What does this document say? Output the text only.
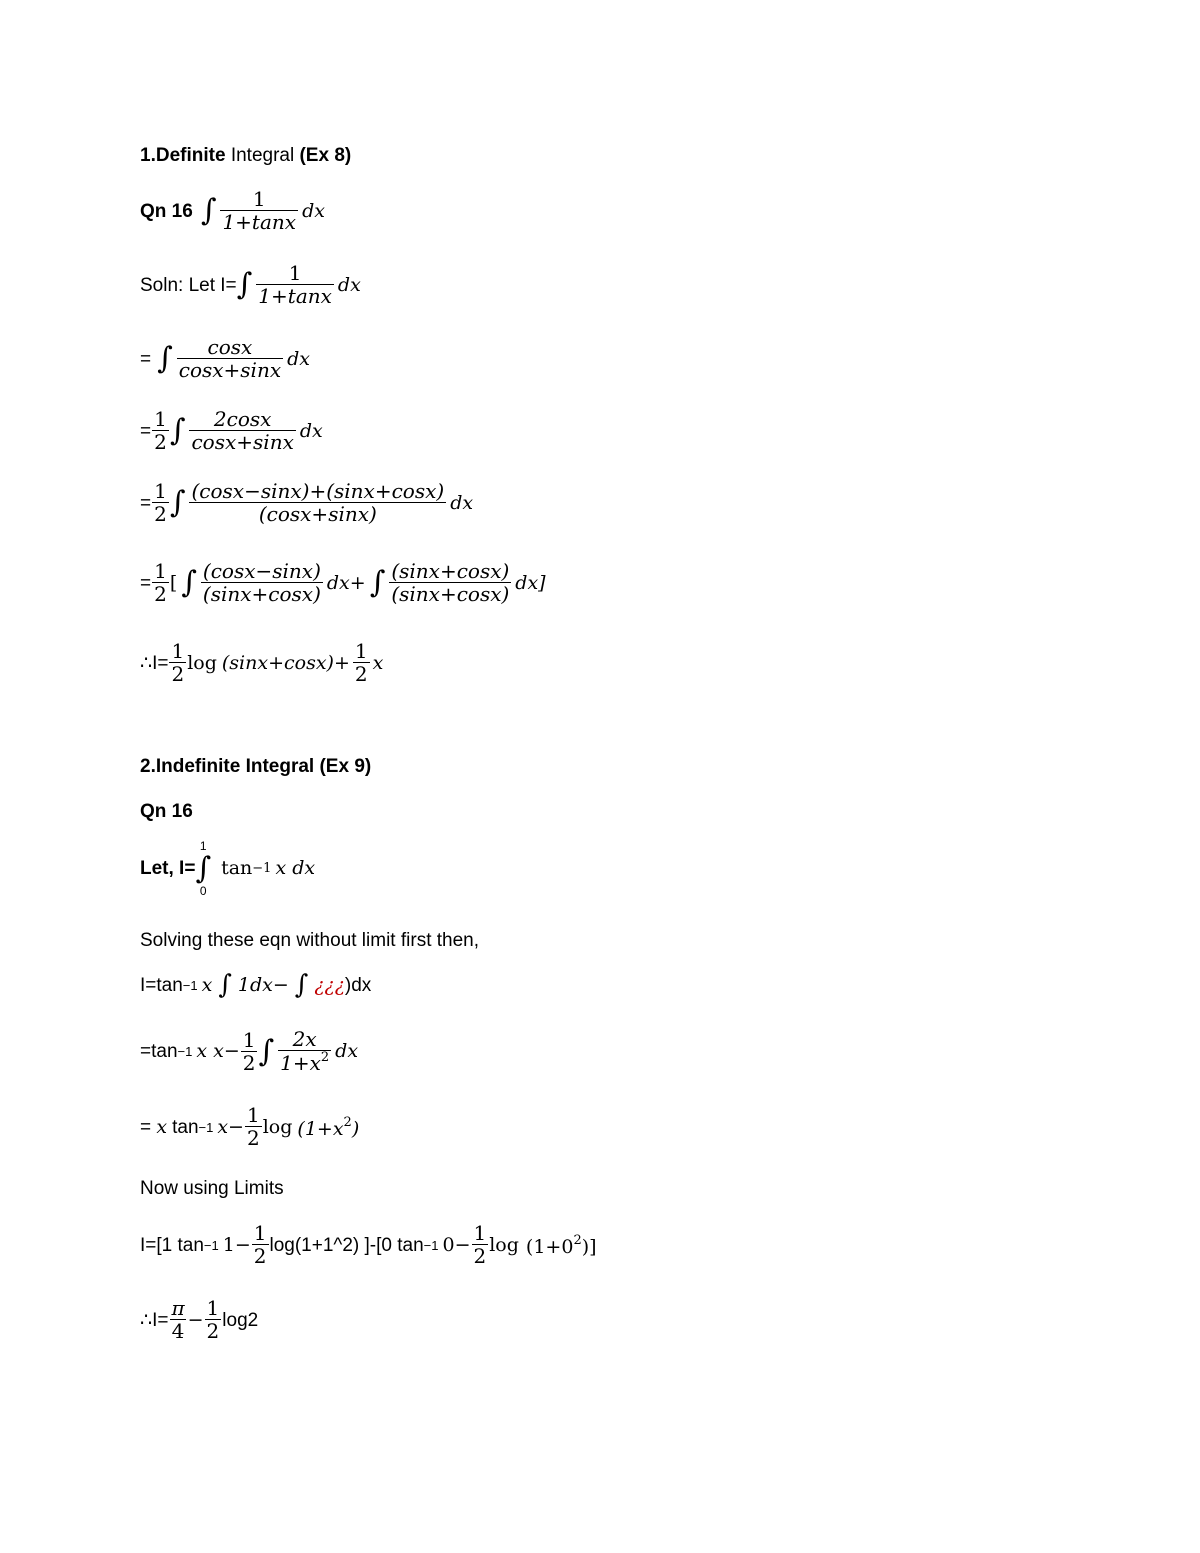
1.Definite Integral (Ex 8)
Qn 16 ∫ $\frac{1}{1+\tan x}$ dx
Soln: Let I= ∫ $\frac{1}{1+\tan x}$ dx
= ∫ $\frac{\cos x}{\cos x+\sin x}$ dx
= $\frac{1}{2}$ ∫ $\frac{2\cos x}{\cos x+\sin x}$ dx
= $\frac{1}{2}$ ∫ $\frac{(\cos x-\sin x)+(\sin x+\cos x)}{(\cos x+\sin x)}$ dx
= $\frac{1}{2}$ [ ∫ $\frac{(\cos x-\sin x)}{(\sin x+\cos x)} dx+$ ∫ $\frac{(\sin x+\cos x)}{(\sin x+\cos x)} dx$]
∴I= $\frac{1}{2}$ $\log (\sin x+\cos x)+ \frac{1}{2}$ x
2.Indefinite Integral (Ex 9)
Qn 16
Let, I=
1
∫
0
tan −1 x dx
Solving these eqn without limit first then,
I=tan −1 x ∫ 1dx− ∫ ¿¿¿ )dx
=tan −1 x $x- \frac{1}{2}$ ∫ $\frac{2x}{1+x^2}$ dx
= x tan −1 $x- \frac{1}{2}$ $\log (1+x^2)$
Now using Limits
I=[1 tan −1 $1- \frac{1}{2}$ log(1+1^2) ]-[0 tan −1 $0- \frac{1}{2}$ $\log (1+0^2)$]
∴I= $\frac{\pi}{4} - \frac{1}{2} \log 2$
